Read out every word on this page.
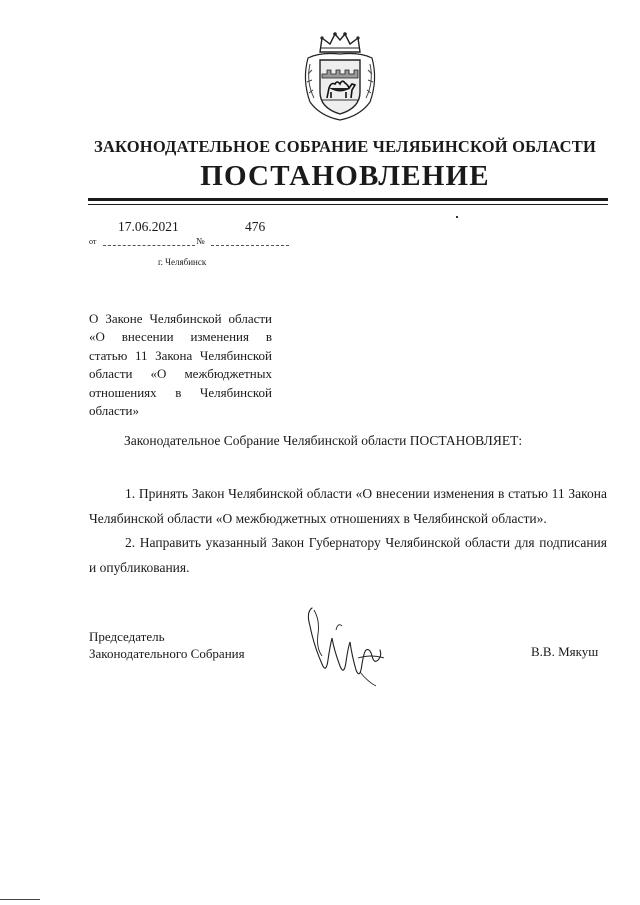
ЗАКОНОДАТЕЛЬНОЕ СОБРАНИЕ ЧЕЛЯБИНСКОЙ ОБЛАСТИ
ПОСТАНОВЛЕНИЕ
17.06.2021	476
от	№
г. Челябинск
О Законе Челябинской области «О внесении изменения в статью 11 Закона Челябинской области «О межбюджетных отношениях в Челябинской области»
Законодательное Собрание Челябинской области ПОСТАНОВЛЯЕТ:
1. Принять Закон Челябинской области «О внесении изменения в статью 11 Закона Челябинской области «О межбюджетных отношениях в Челябинской области».
2. Направить указанный Закон Губернатору Челябинской области для подписания и опубликования.
Председатель
Законодательного Собрания	В.В. Мякуш
